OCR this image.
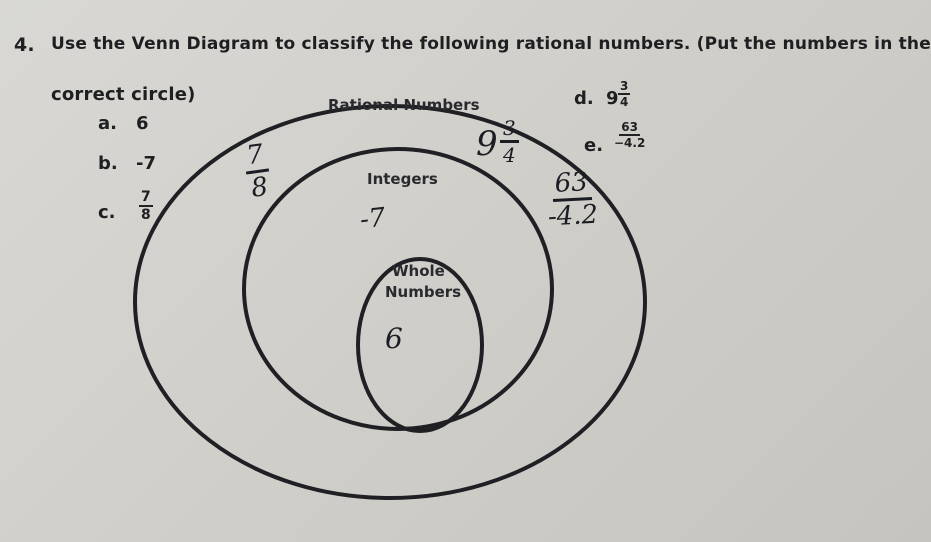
4. Use the Venn Diagram to classify the following rational numbers. (Put the numbers in the
correct circle)
a. 6
b. -7
c. $\frac{7}{8}$
d. $9 \frac{3}{4}$
e. $\frac{63}{-4.2}$
Rational Numbers
Integers
Whole
Numbers
$\frac{7}{8}$	$9 \frac{3}{4}$
$\frac{63}{-4.2}$
-7
6
